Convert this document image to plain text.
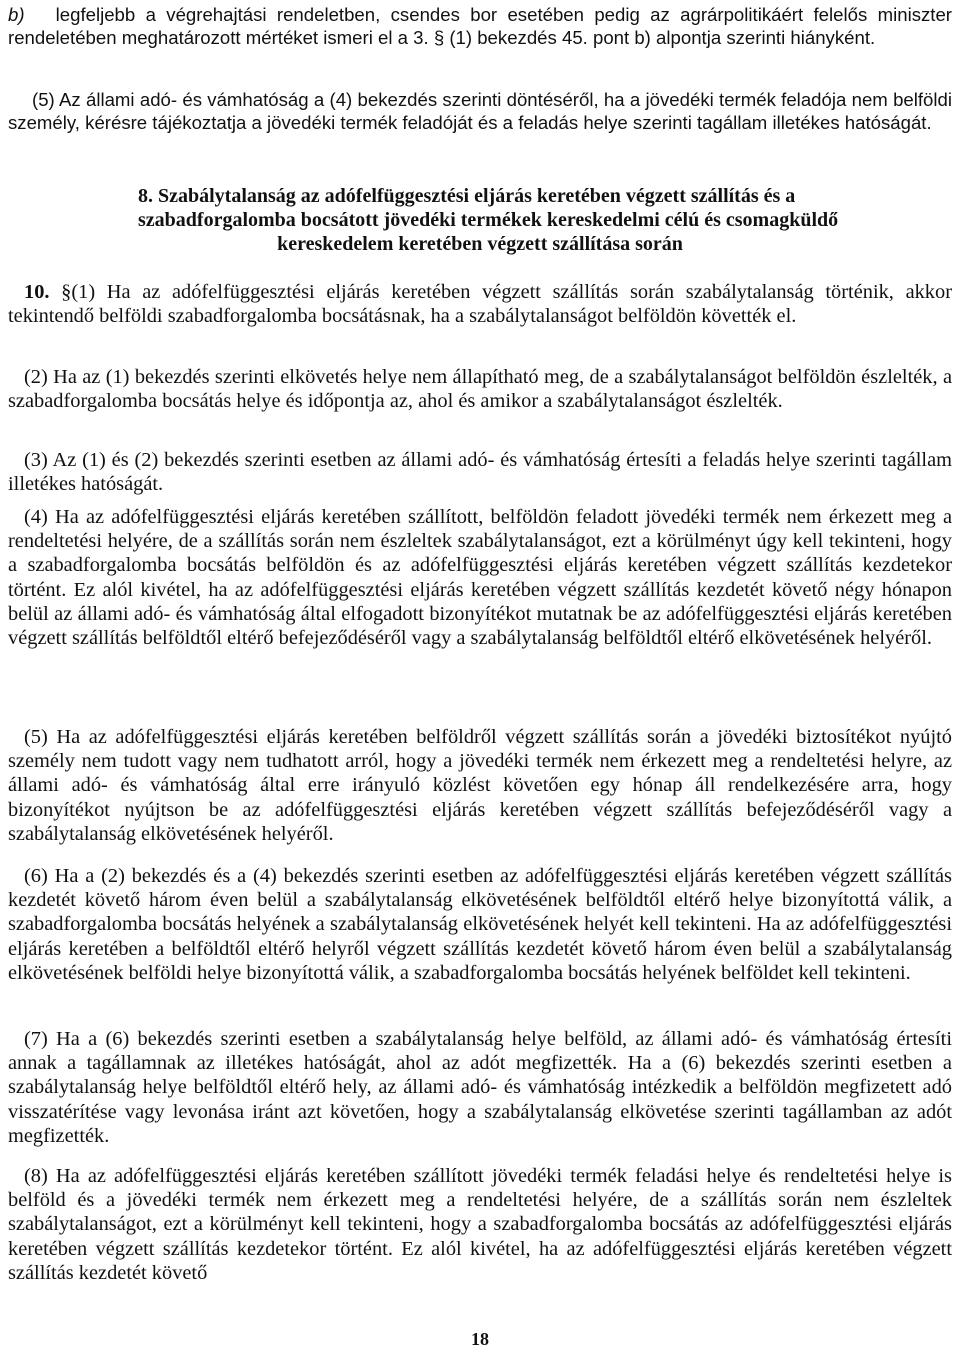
b) legfeljebb a végrehajtási rendeletben, csendes bor esetében pedig az agrárpolitikáért felelős miniszter rendeletében meghatározott mértéket ismeri el a 3. § (1) bekezdés 45. pont b) alpontja szerinti hiányként.

(5) Az állami adó- és vámhatóság a (4) bekezdés szerinti döntéséről, ha a jövedéki termék feladója nem belföldi személy, kérésre tájékoztatja a jövedéki termék feladóját és a feladás helye szerinti tagállam illetékes hatóságát.

8. Szabálytalanság az adófelfüggesztési eljárás keretében végzett szállítás és a

szabadforgalomba bocsátott jövedéki termékek kereskedelmi célú és csomagküldő

kereskedelem keretében végzett szállítása során

10. §(1) Ha az adófelfüggesztési eljárás keretében végzett szállítás során szabálytalanság történik, akkor tekintendő belföldi szabadforgalomba bocsátásnak, ha a szabálytalanságot belföldön követték el.

(2) Ha az (1) bekezdés szerinti elkövetés helye nem állapítható meg, de a szabálytalanságot belföldön észlelték, a szabadforgalomba bocsátás helye és időpontja az, ahol és amikor a szabálytalanságot észlelték.

(3) Az (1) és (2) bekezdés szerinti esetben az állami adó- és vámhatóság értesíti a feladás helye szerinti tagállam illetékes hatóságát.

(4) Ha az adófelfüggesztési eljárás keretében szállított, belföldön feladott jövedéki termék nem érkezett meg a rendeltetési helyére, de a szállítás során nem észleltek szabálytalanságot, ezt a körülményt úgy kell tekinteni, hogy a szabadforgalomba bocsátás belföldön és az adófelfüggesztési eljárás keretében végzett szállítás kezdetekor történt. Ez alól kivétel, ha az adófelfüggesztési eljárás keretében végzett szállítás kezdetét követő négy hónapon belül az állami adó- és vámhatóság által elfogadott bizonyítékot mutatnak be az adófelfüggesztési eljárás keretében végzett szállítás belföldtől eltérő befejeződéséről vagy a szabálytalanság belföldtől eltérő elkövetésének helyéről.

(5) Ha az adófelfüggesztési eljárás keretében belföldről végzett szállítás során a jövedéki biztosítékot nyújtó személy nem tudott vagy nem tudhatott arról, hogy a jövedéki termék nem érkezett meg a rendeltetési helyre, az állami adó- és vámhatóság által erre irányuló közlést követően egy hónap áll rendelkezésére arra, hogy bizonyítékot nyújtson be az adófelfüggesztési eljárás keretében végzett szállítás befejeződéséről vagy a szabálytalanság elkövetésének helyéről.

(6) Ha a (2) bekezdés és a (4) bekezdés szerinti esetben az adófelfüggesztési eljárás keretében végzett szállítás kezdetét követő három éven belül a szabálytalanság elkövetésének belföldtől eltérő helye bizonyítottá válik, a szabadforgalomba bocsátás helyének a szabálytalanság elkövetésének helyét kell tekinteni. Ha az adófelfüggesztési eljárás keretében a belföldtől eltérő helyről végzett szállítás kezdetét követő három éven belül a szabálytalanság elkövetésének belföldi helye bizonyítottá válik, a szabadforgalomba bocsátás helyének belföldet kell tekinteni.

(7) Ha a (6) bekezdés szerinti esetben a szabálytalanság helye belföld, az állami adó- és vámhatóság értesíti annak a tagállamnak az illetékes hatóságát, ahol az adót megfizették. Ha a (6) bekezdés szerinti esetben a szabálytalanság helye belföldtől eltérő hely, az állami adó- és vámhatóság intézkedik a belföldön megfizetett adó visszatérítése vagy levonása iránt azt követően, hogy a szabálytalanság elkövetése szerinti tagállamban az adót megfizették.

(8) Ha az adófelfüggesztési eljárás keretében szállított jövedéki termék feladási helye és rendeltetési helye is belföld és a jövedéki termék nem érkezett meg a rendeltetési helyére, de a szállítás során nem észleltek szabálytalanságot, ezt a körülményt kell tekinteni, hogy a szabadforgalomba bocsátás az adófelfüggesztési eljárás keretében végzett szállítás kezdetekor történt. Ez alól kivétel, ha az adófelfüggesztési eljárás keretében végzett szállítás kezdetét követő

18
